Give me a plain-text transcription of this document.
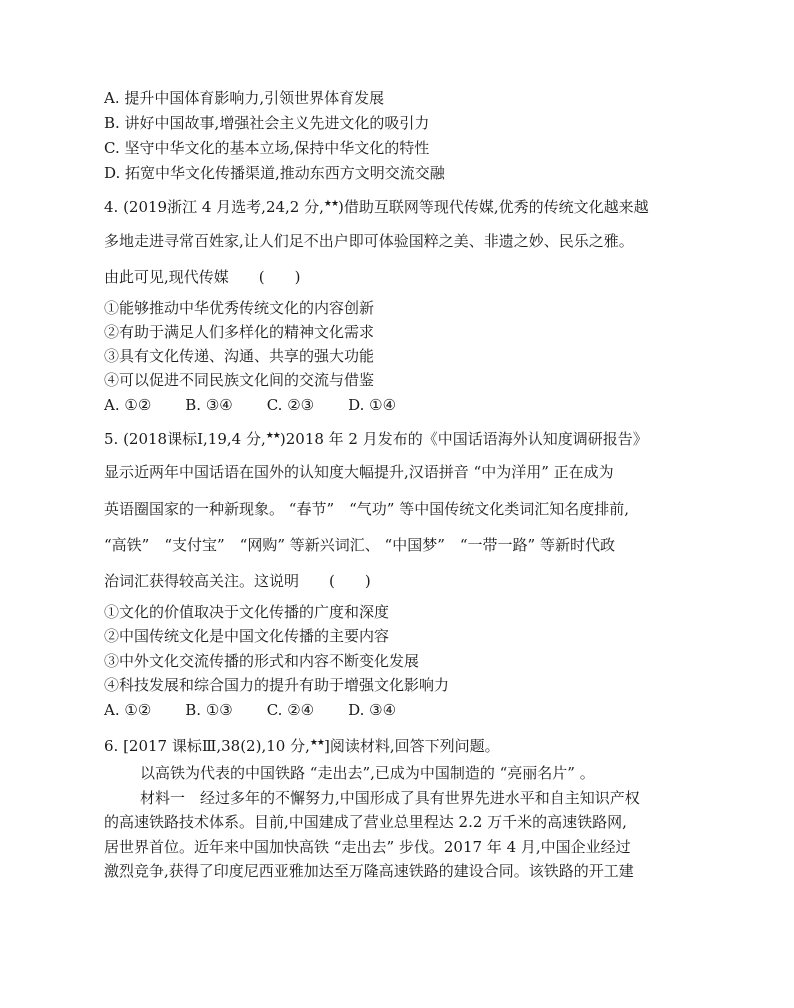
A. 提升中国体育影响力,引领世界体育发展
B. 讲好中国故事,增强社会主义先进文化的吸引力
C. 坚守中华文化的基本立场,保持中华文化的特性
D. 拓宽中华文化传播渠道,推动东西方文明交流交融
4. (2019浙江 4 月选考,24,2 分,★★)借助互联网等现代传媒,优秀的传统文化越来越
多地走进寻常百姓家,让人们足不出户即可体验国粹之美、非遗之妙、民乐之雅。
由此可见,现代传媒　　(　　)
①能够推动中华优秀传统文化的内容创新
②有助于满足人们多样化的精神文化需求
③具有文化传递、沟通、共享的强大功能
④可以促进不同民族文化间的交流与借鉴
A. ①② B. ③④ C. ②③ D. ①④
5. (2018课标Ⅰ,19,4 分,★★)2018 年 2 月发布的《中国话语海外认知度调研报告》
显示近两年中国话语在国外的认知度大幅提升,汉语拼音 “中为洋用” 正在成为
英语圈国家的一种新现象。 “春节”　“气功” 等中国传统文化类词汇知名度排前,
“高铁”　“支付宝”　“网购” 等新兴词汇、 “中国梦”　“一带一路” 等新时代政
治词汇获得较高关注。这说明　　(　　)
①文化的价值取决于文化传播的广度和深度
②中国传统文化是中国文化传播的主要内容
③中外文化交流传播的形式和内容不断变化发展
④科技发展和综合国力的提升有助于增强文化影响力
A. ①② B. ①③ C. ②④ D. ③④
6. [2017 课标Ⅲ,38(2),10 分,★★]阅读材料,回答下列问题。
以高铁为代表的中国铁路 “走出去”,已成为中国制造的 “亮丽名片” 。
材料一　经过多年的不懈努力,中国形成了具有世界先进水平和自主知识产权
的高速铁路技术体系。目前,中国建成了营业总里程达 2.2 万千米的高速铁路网,
居世界首位。近年来中国加快高铁 “走出去” 步伐。2017 年 4 月,中国企业经过
激烈竞争,获得了印度尼西亚雅加达至万隆高速铁路的建设合同。该铁路的开工建
